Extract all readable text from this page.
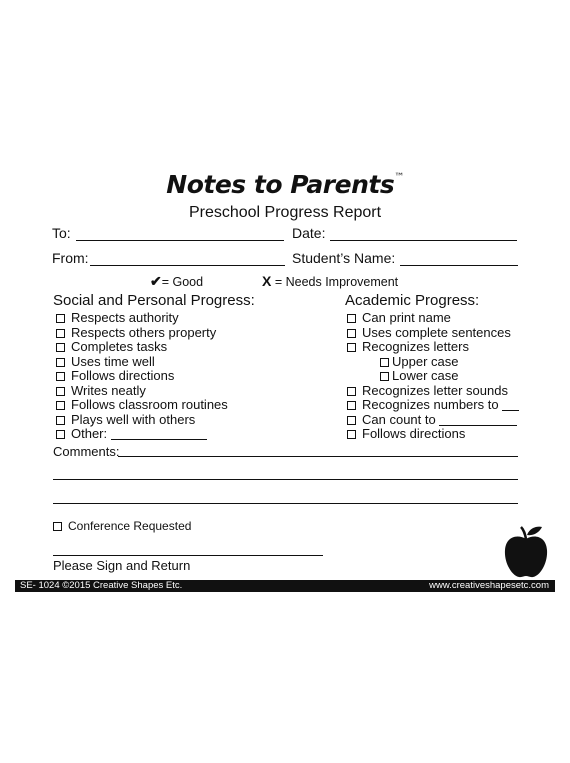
Notes to Parents™
Preschool Progress Report
To:	Date:
From:	Student’s Name:
✔= Good	X = Needs Improvement
Social and Personal Progress:
Respects authority
Respects others property
Completes tasks
Uses time well
Follows directions
Writes neatly
Follows classroom routines
Plays well with others
Other:
Academic Progress:
Can print name
Uses complete sentences
Recognizes letters
Upper case
Lower case
Recognizes letter sounds
Recognizes numbers to
Can count to
Follows directions
Comments:
Conference Requested
Please Sign and Return
SE- 1024 ©2015 Creative Shapes Etc.	www.creativeshapesetc.com
